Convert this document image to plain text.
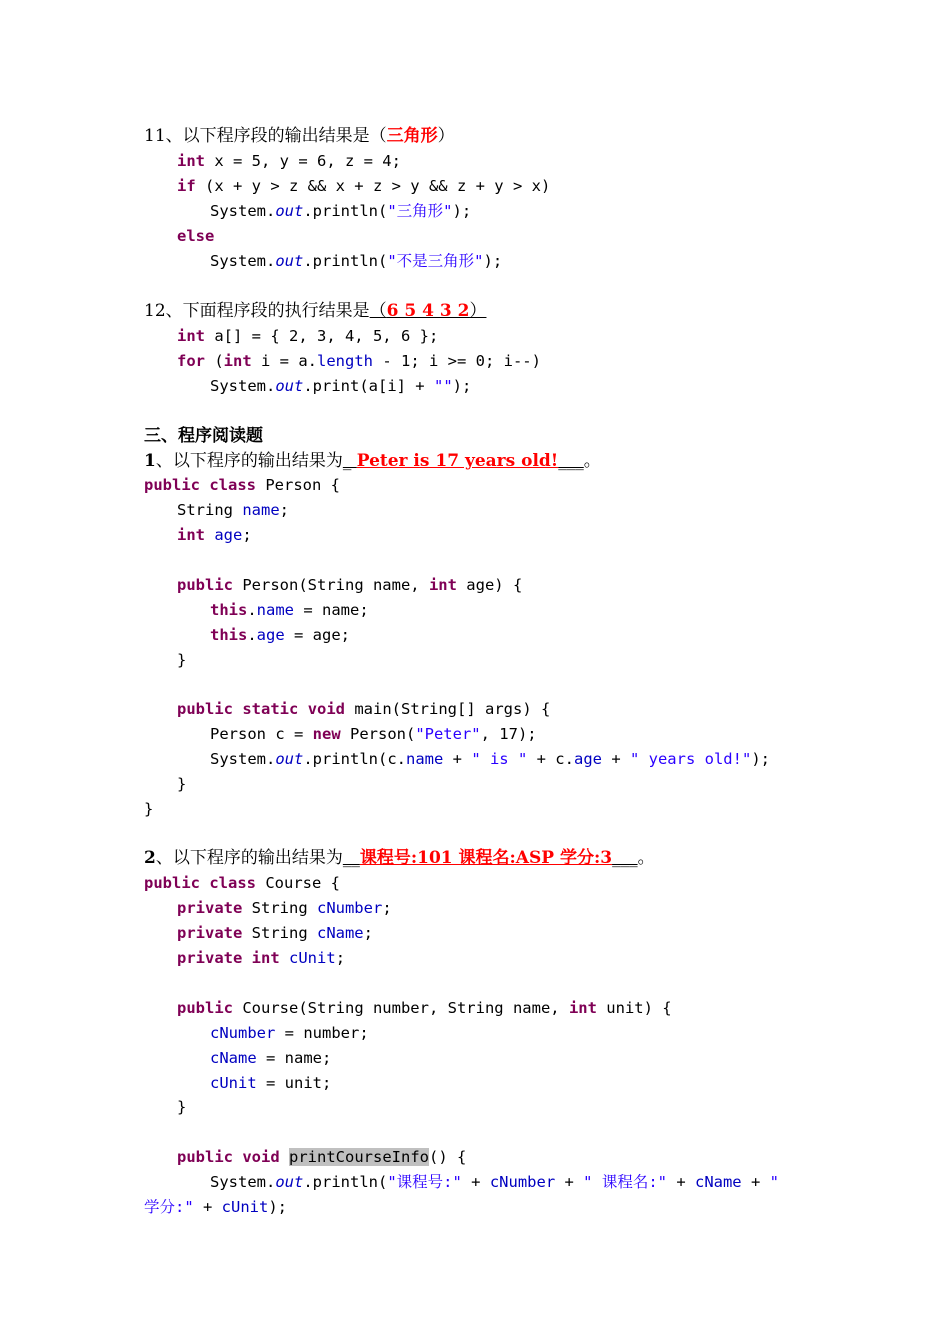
11、以下程序段的输出结果是（三角形）
int x = 5, y = 6, z = 4;
if (x + y > z && x + z > y && z + y > x)
System.out.println("三角形");
else
System.out.println("不是三角形");
12、下面程序段的执行结果是（6 5 4 3 2）
int a[] = { 2, 3, 4, 5, 6 };
for (int i = a.length - 1; i >= 0; i--)
System.out.print(a[i] + "");
三、程序阅读题
1、以下程序的输出结果为_ Peter is 17 years old!___。
public class Person {
String name;
int age;
public Person(String name, int age) {
this.name = name;
this.age = age;
}
public static void main(String[] args) {
Person c = new Person("Peter", 17);
System.out.println(c.name + " is " + c.age + " years old!");
}
}
2、以下程序的输出结果为__课程号:101 课程名:ASP 学分:3___。
public class Course {
private String cNumber;
private String cName;
private int cUnit;
public Course(String number, String name, int unit) {
cNumber = number;
cName = name;
cUnit = unit;
}
public void printCourseInfo() {
System.out.println("课程号:" + cNumber + " 课程名:" + cName + "
学分:" + cUnit);
